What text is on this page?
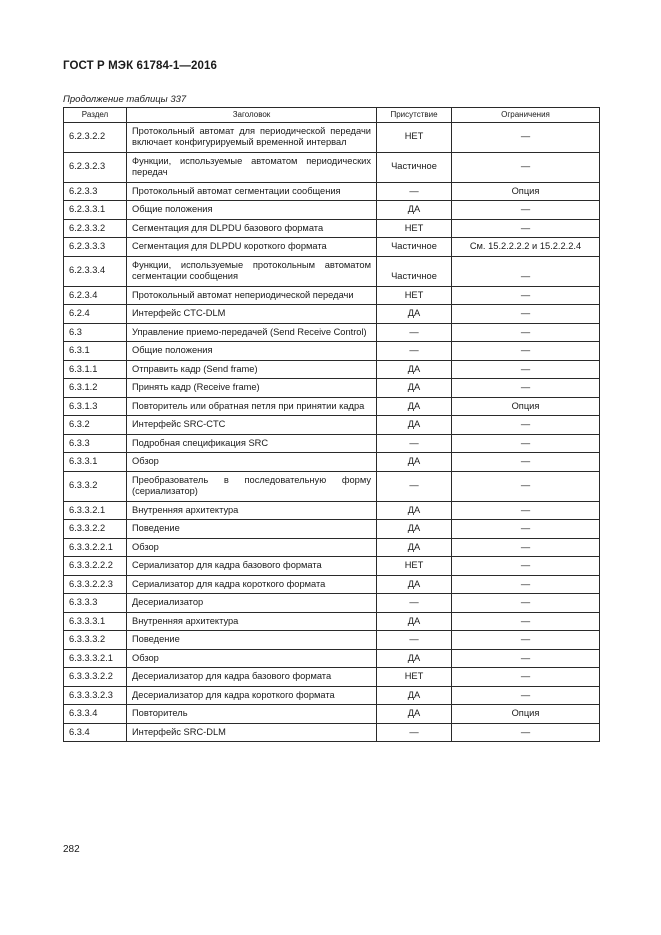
ГОСТ Р МЭК 61784-1—2016
Продолжение таблицы 337
Раздел	Заголовок	Присутствие	Ограничения
6.2.3.2.2	Протокольный автомат для периодической передачи включает конфигурируемый временной интервал	НЕТ	—
6.2.3.2.3	Функции, используемые автоматом периодических передач	Частичное	—
6.2.3.3	Протокольный автомат сегментации сообщения	—	Опция
6.2.3.3.1	Общие положения	ДА	—
6.2.3.3.2	Сегментация для DLPDU базового формата	НЕТ	—
6.2.3.3.3	Сегментация для DLPDU короткого формата	Частичное	См. 15.2.2.2.2 и 15.2.2.2.4
6.2.3.3.4	Функции, используемые протокольным автоматом сегментации сообщения	Частичное	—
6.2.3.4	Протокольный автомат непериодической передачи	НЕТ	—
6.2.4	Интерфейс CTC-DLM	ДА	—
6.3	Управление приемо-передачей (Send Receive Control)	—	—
6.3.1	Общие положения	—	—
6.3.1.1	Отправить кадр (Send frame)	ДА	—
6.3.1.2	Принять кадр (Receive frame)	ДА	—
6.3.1.3	Повторитель или обратная петля при принятии кадра	ДА	Опция
6.3.2	Интерфейс SRC-CTC	ДА	—
6.3.3	Подробная спецификация SRC	—	—
6.3.3.1	Обзор	ДА	—
6.3.3.2	Преобразователь в последовательную форму (сериализатор)	—	—
6.3.3.2.1	Внутренняя архитектура	ДА	—
6.3.3.2.2	Поведение	ДА	—
6.3.3.2.2.1	Обзор	ДА	—
6.3.3.2.2.2	Сериализатор для кадра базового формата	НЕТ	—
6.3.3.2.2.3	Сериализатор для кадра короткого формата	ДА	—
6.3.3.3	Десериализатор	—	—
6.3.3.3.1	Внутренняя архитектура	ДА	—
6.3.3.3.2	Поведение	—	—
6.3.3.3.2.1	Обзор	ДА	—
6.3.3.3.2.2	Десериализатор для кадра базового формата	НЕТ	—
6.3.3.3.2.3	Десериализатор для кадра короткого формата	ДА	—
6.3.3.4	Повторитель	ДА	Опция
6.3.4	Интерфейс SRC-DLM	—	—
282
